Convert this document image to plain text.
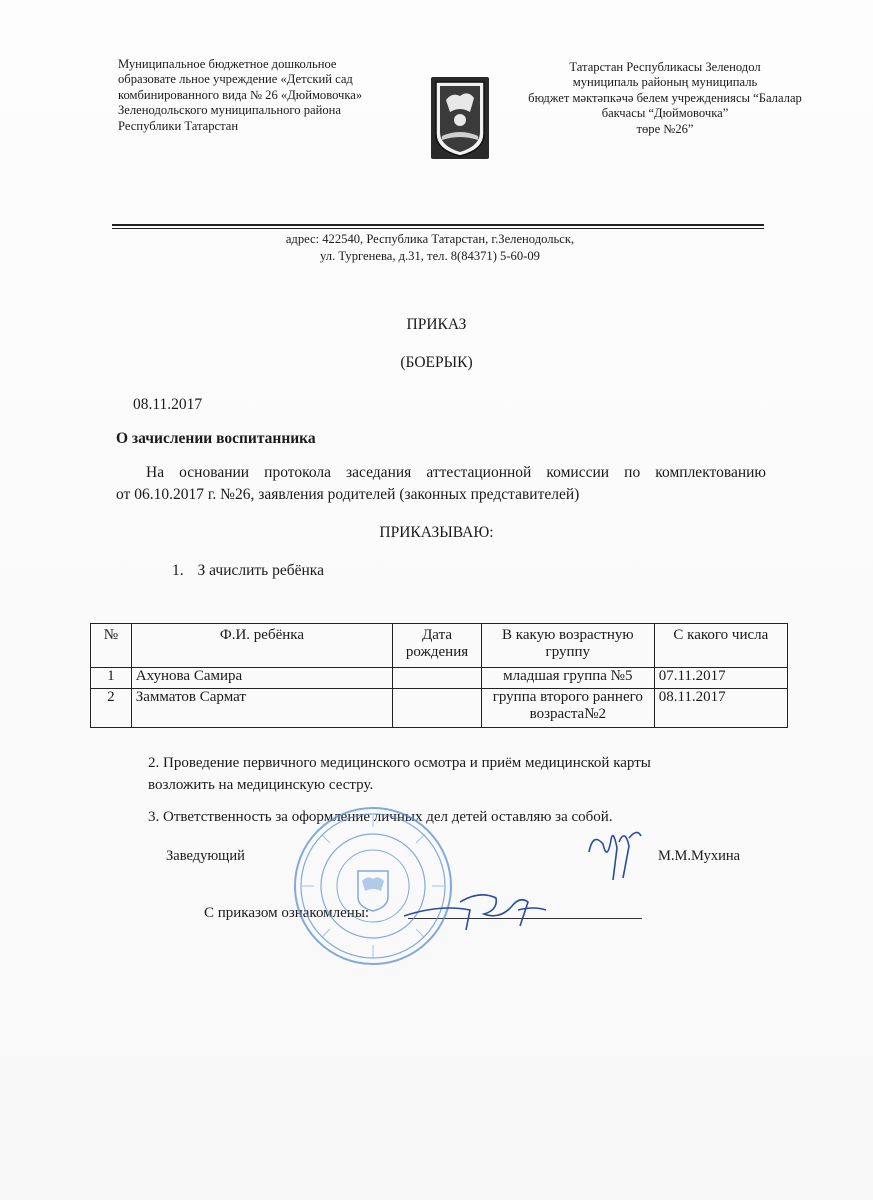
Муниципальное бюджетное дошкольное
образовате льное учреждение «Детский сад
комбинированного вида № 26 «Дюймовочка»
Зеленодольского муниципального района
Республики Татарстан
Татарстан Республикасы Зеленодол
муниципаль районың муниципаль
бюджет мәктәпкәчә белем учреждениясы “Балалар
бакчасы “Дюймовочка”
төре №26”
адрес: 422540, Республика Татарстан, г.Зеленодольск,
ул. Тургенева, д.31, тел. 8(84371) 5-60-09
ПРИКАЗ
(БОЕРЫК)
08.11.2017
О зачислении воспитанника
На основании протокола заседания аттестационной комиссии по комплектованию
от 06.10.2017 г. №26, заявления родителей (законных представителей)
ПРИКАЗЫВАЮ:
1. З ачислить ребёнка
№	Ф.И. ребёнка	Дата рождения	В какую возрастную группу	С какого числа
1	Ахунова Самира		младшая группа №5	07.11.2017
2	Замматов Сармат		группа второго раннего возраста№2	08.11.2017
2. Проведение первичного медицинского осмотра и приём медицинской карты
возложить на медицинскую сестру.
3. Ответственность за оформление личных дел детей оставляю за собой.
Заведующий	М.М.Мухина
С приказом ознакомлены:
